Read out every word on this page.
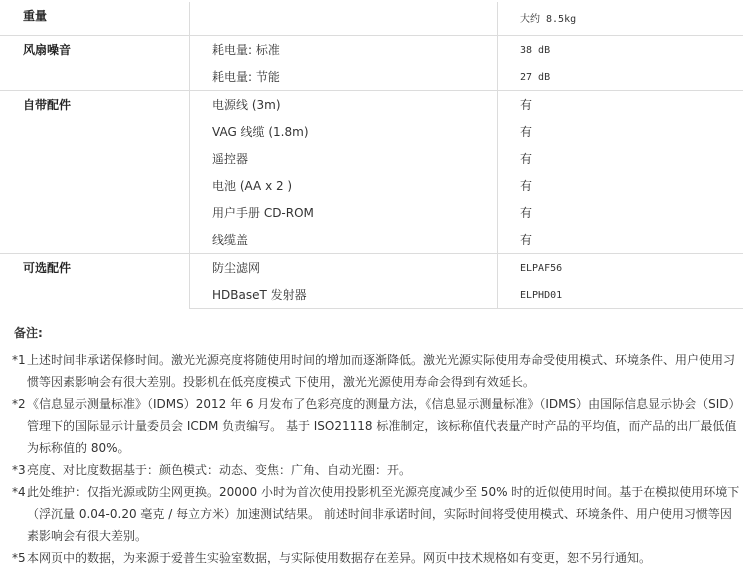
重量		大约 8.5kg
风扇噪音	耗电量: 标准	38 dB
	耗电量: 节能	27 dB
自带配件	电源线 (3m)	有
	VAG 线缆 (1.8m)	有
	遥控器	有
	电池 (AA x 2 )	有
	用户手册 CD-ROM	有
	线缆盖	有
可选配件	防尘滤网	ELPAF56
	HDBaseT 发射器	ELPHD01
备注:
*1 上述时间非承诺保修时间。激光光源亮度将随使用时间的增加而逐渐降低。激光光源实际使用寿命受使用模式、环境条件、用户使用习惯等因素影响会有很大差别。投影机在低亮度模式 下使用，激光光源使用寿命会得到有效延长。
*2 《信息显示测量标准》（IDMS）2012 年 6 月发布了色彩亮度的测量方法，《信息显示测量标准》（IDMS）由国际信息显示协会（SID）管理下的国际显示计量委员会 ICDM 负责编写。 基于 ISO21118 标准制定，该标称值代表量产时产品的平均值，而产品的出厂最低值为标称值的 80%。
*3 亮度、对比度数据基于：颜色模式：动态、变焦：广角、自动光圈：开。
*4 此处维护：仅指光源或防尘网更换。20000 小时为首次使用投影机至光源亮度减少至 50% 时的近似使用时间。基于在模拟使用环境下（浮沉量 0.04-0.20 毫克 / 每立方米）加速测试结果。 前述时间非承诺时间，实际时间将受使用模式、环境条件、用户使用习惯等因素影响会有很大差别。
*5 本网页中的数据，为来源于爱普生实验室数据，与实际使用数据存在差异。网页中技术规格如有变更，恕不另行通知。
